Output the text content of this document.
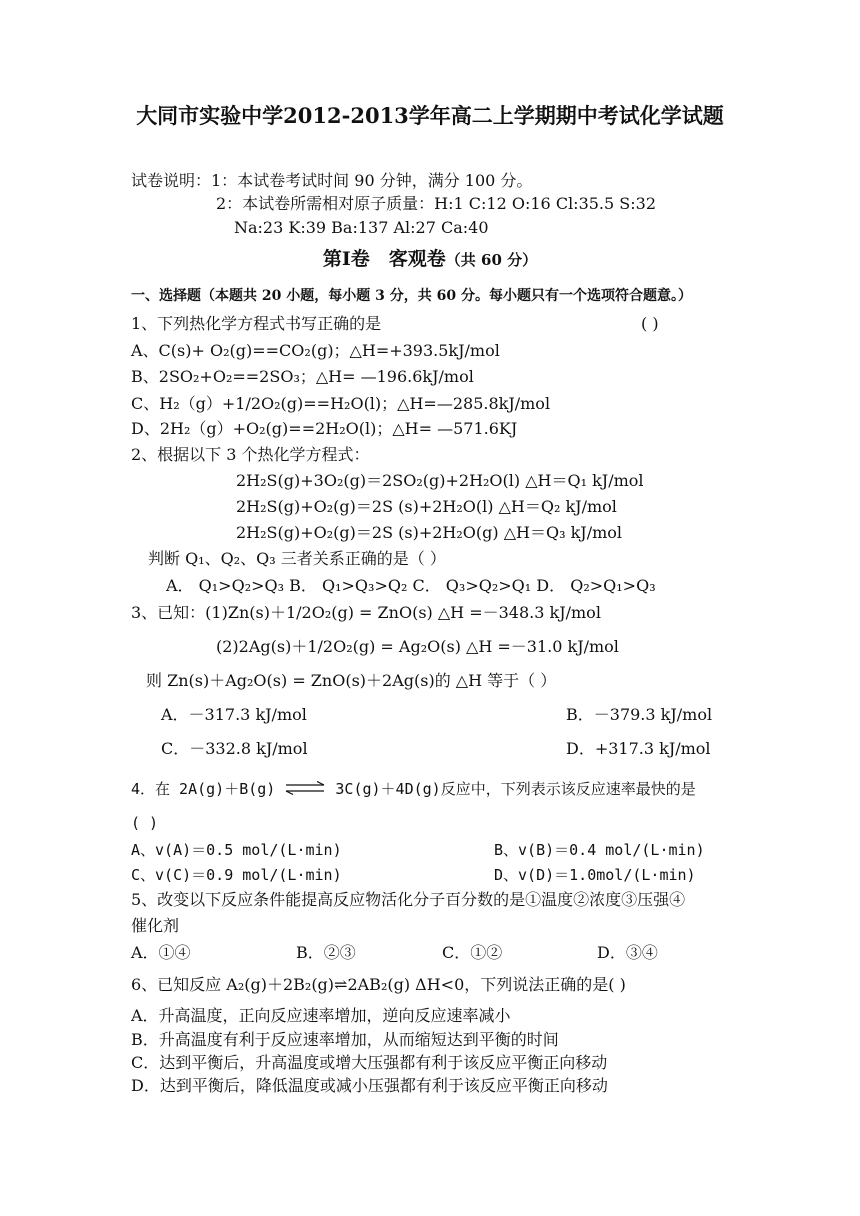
大同市实验中学2012-2013学年高二上学期期中考试化学试题
试卷说明：1：本试卷考试时间 90 分钟，满分 100 分。
2：本试卷所需相对原子质量：H:1 C:12 O:16 Cl:35.5 S:32
Na:23 K:39 Ba:137 Al:27 Ca:40
第Ⅰ卷　客观卷（共 60 分）
一、选择题（本题共 20 小题，每小题 3 分，共 60 分。每小题只有一个选项符合题意。）
1、下列热化学方程式书写正确的是	( )
A、C(s)+ O₂(g)==CO₂(g)；△H=+393.5kJ/mol
B、2SO₂+O₂==2SO₃；△H= —196.6kJ/mol
C、H₂（g）+1/2O₂(g)==H₂O(l)；△H=—285.8kJ/mol
D、2H₂（g）+O₂(g)==2H₂O(l)；△H= —571.6KJ
2、根据以下 3 个热化学方程式：
2H₂S(g)+3O₂(g)＝2SO₂(g)+2H₂O(l) △H＝Q₁ kJ/mol
2H₂S(g)+O₂(g)＝2S (s)+2H₂O(l) △H＝Q₂ kJ/mol
2H₂S(g)+O₂(g)＝2S (s)+2H₂O(g) △H＝Q₃ kJ/mol
判断 Q₁、Q₂、Q₃ 三者关系正确的是（ ）
A． Q₁>Q₂>Q₃ B． Q₁>Q₃>Q₂ C． Q₃>Q₂>Q₁ D． Q₂>Q₁>Q₃
3、已知：(1)Zn(s)＋1/2O₂(g) = ZnO(s) △H =－348.3 kJ/mol
(2)2Ag(s)＋1/2O₂(g) = Ag₂O(s) △H =－31.0 kJ/mol
则 Zn(s)＋Ag₂O(s) = ZnO(s)＋2Ag(s)的 △H 等于（ ）
A．－317.3 kJ/mol	B．－379.3 kJ/mol
C．－332.8 kJ/mol	D．+317.3 kJ/mol
4．在 2A(g)＋B(g) ⇌ 3C(g)＋4D(g)反应中，下列表示该反应速率最快的是
( )
A、v(A)＝0.5 mol/(L·min)	B、v(B)＝0.4 mol/(L·min)
C、v(C)＝0.9 mol/(L·min)	D、v(D)＝1.0mol/(L·min)
5、改变以下反应条件能提高反应物活化分子百分数的是①温度②浓度③压强④
催化剂
A．①④	B．②③	C．①②	D．③④
6、已知反应 A₂(g)＋2B₂(g)⇌2AB₂(g) ΔH<0，下列说法正确的是( )
A．升高温度，正向反应速率增加，逆向反应速率减小
B．升高温度有利于反应速率增加，从而缩短达到平衡的时间
C．达到平衡后，升高温度或增大压强都有利于该反应平衡正向移动
D．达到平衡后，降低温度或减小压强都有利于该反应平衡正向移动
